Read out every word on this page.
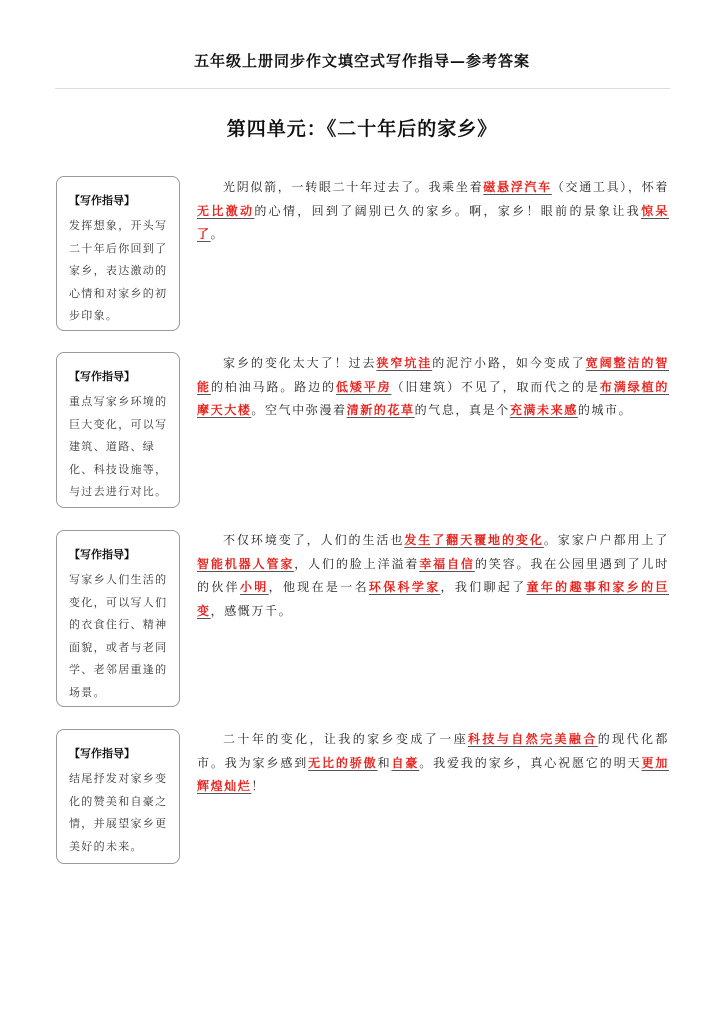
五年级上册同步作文填空式写作指导—参考答案
第四单元：《二十年后的家乡》
【写作指导】
发挥想象，开头写二十年后你回到了家乡，表达激动的心情和对家乡的初步印象。
光阴似箭，一转眼二十年过去了。我乘坐着磁悬浮汽车（交通工具），怀着无比激动的心情，回到了阔别已久的家乡。啊，家乡！眼前的景象让我惊呆了。
【写作指导】
重点写家乡环境的巨大变化，可以写建筑、道路、绿化、科技设施等，与过去进行对比。
家乡的变化太大了！过去狭窄坑洼的泥泞小路，如今变成了宽阔整洁的智能的柏油马路。路边的低矮平房（旧建筑）不见了，取而代之的是布满绿植的摩天大楼。空气中弥漫着清新的花草的气息，真是个充满未来感的城市。
【写作指导】
写家乡人们生活的变化，可以写人们的衣食住行、精神面貌，或者与老同学、老邻居重逢的场景。
不仅环境变了，人们的生活也发生了翻天覆地的变化。家家户户都用上了智能机器人管家，人们的脸上洋溢着幸福自信的笑容。我在公园里遇到了儿时的伙伴小明，他现在是一名环保科学家，我们聊起了童年的趣事和家乡的巨变，感慨万千。
【写作指导】
结尾抒发对家乡变化的赞美和自豪之情，并展望家乡更美好的未来。
二十年的变化，让我的家乡变成了一座科技与自然完美融合的现代化都市。我为家乡感到无比的骄傲和自豪。我爱我的家乡，真心祝愿它的明天更加辉煌灿烂！
